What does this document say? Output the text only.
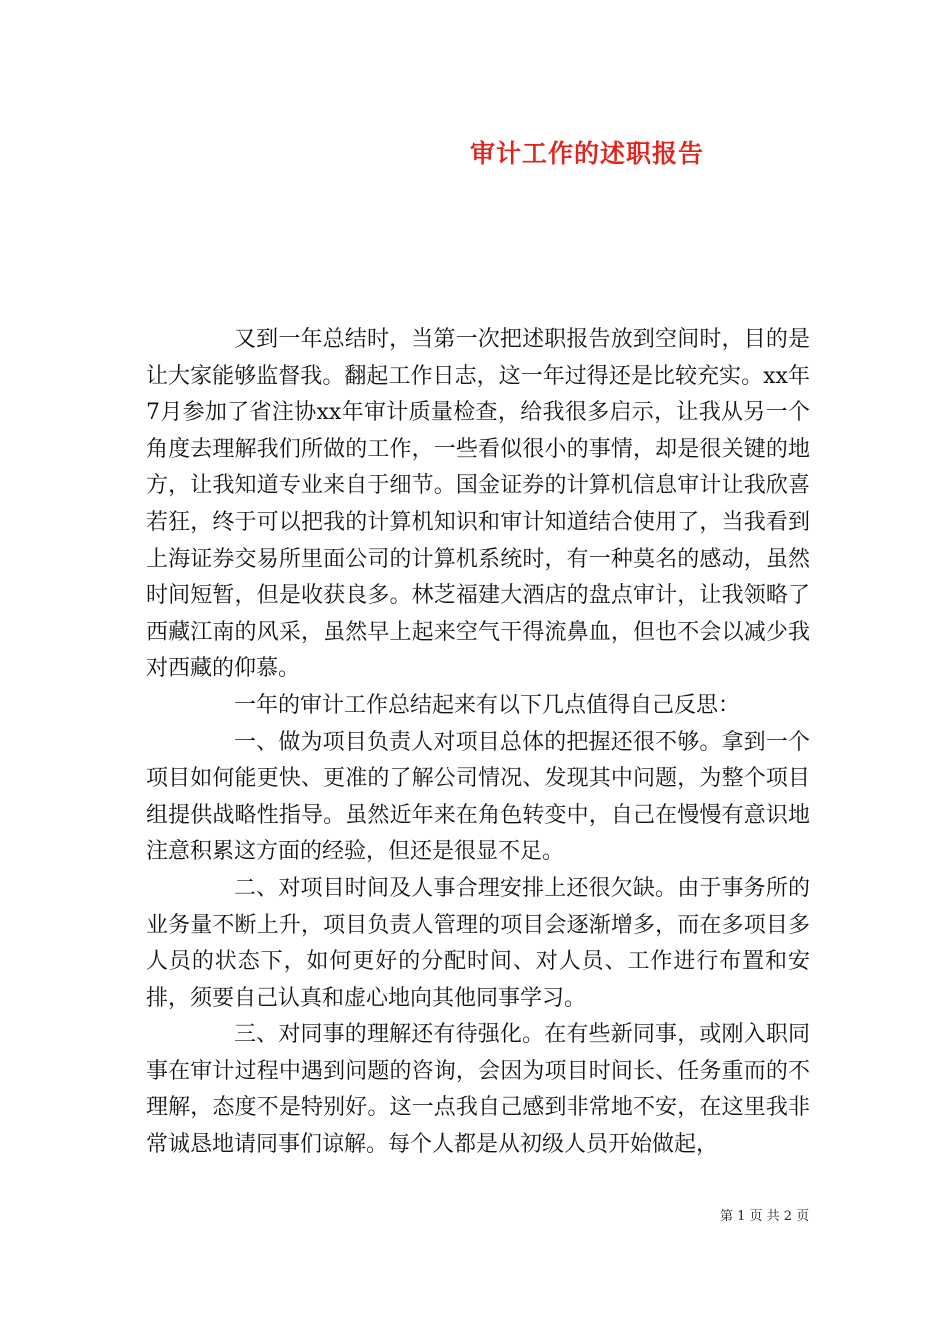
审计工作的述职报告

又到一年总结时，当第一次把述职报告放到空间时，目的是让大家能够监督我。翻起工作日志，这一年过得还是比较充实。xx年7月参加了省注协xx年审计质量检查，给我很多启示，让我从另一个角度去理解我们所做的工作，一些看似很小的事情，却是很关键的地方，让我知道专业来自于细节。国金证券的计算机信息审计让我欣喜若狂，终于可以把我的计算机知识和审计知道结合使用了，当我看到上海证券交易所里面公司的计算机系统时，有一种莫名的感动，虽然时间短暂，但是收获良多。林芝福建大酒店的盘点审计，让我领略了西藏江南的风采，虽然早上起来空气干得流鼻血，但也不会以减少我对西藏的仰慕。

一年的审计工作总结起来有以下几点值得自己反思：

一、做为项目负责人对项目总体的把握还很不够。拿到一个项目如何能更快、更准的了解公司情况、发现其中问题，为整个项目组提供战略性指导。虽然近年来在角色转变中，自己在慢慢有意识地注意积累这方面的经验，但还是很显不足。

二、对项目时间及人事合理安排上还很欠缺。由于事务所的业务量不断上升，项目负责人管理的项目会逐渐增多，而在多项目多人员的状态下，如何更好的分配时间、对人员、工作进行布置和安排，须要自己认真和虚心地向其他同事学习。

三、对同事的理解还有待强化。在有些新同事，或刚入职同事在审计过程中遇到问题的咨询，会因为项目时间长、任务重而的不理解，态度不是特别好。这一点我自己感到非常地不安，在这里我非常诚恳地请同事们谅解。每个人都是从初级人员开始做起，

第 1 页 共 2 页
